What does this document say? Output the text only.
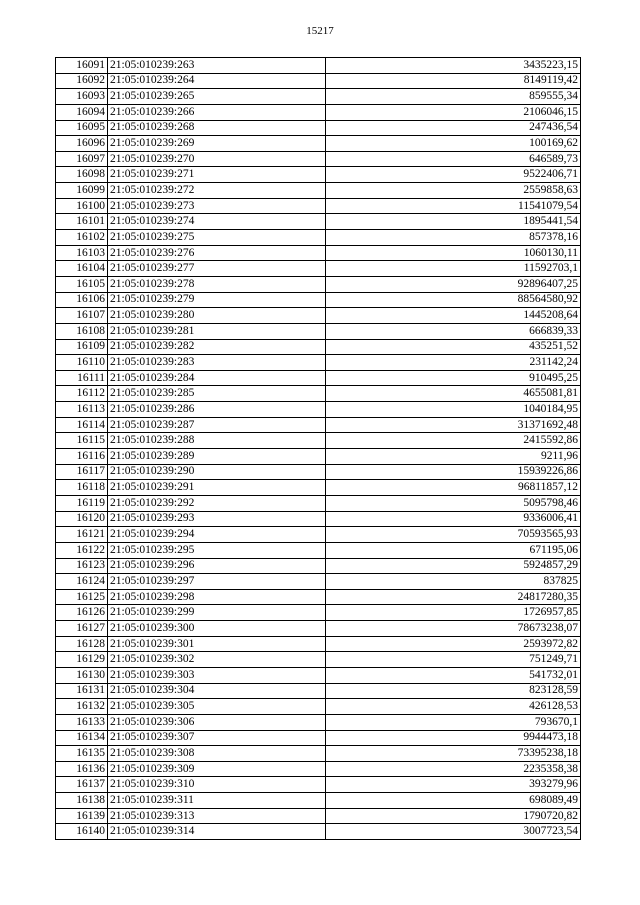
15217
16091	21:05:010239:263	3435223,15
16092	21:05:010239:264	8149119,42
16093	21:05:010239:265	859555,34
16094	21:05:010239:266	2106046,15
16095	21:05:010239:268	247436,54
16096	21:05:010239:269	100169,62
16097	21:05:010239:270	646589,73
16098	21:05:010239:271	9522406,71
16099	21:05:010239:272	2559858,63
16100	21:05:010239:273	11541079,54
16101	21:05:010239:274	1895441,54
16102	21:05:010239:275	857378,16
16103	21:05:010239:276	1060130,11
16104	21:05:010239:277	11592703,1
16105	21:05:010239:278	92896407,25
16106	21:05:010239:279	88564580,92
16107	21:05:010239:280	1445208,64
16108	21:05:010239:281	666839,33
16109	21:05:010239:282	435251,52
16110	21:05:010239:283	231142,24
16111	21:05:010239:284	910495,25
16112	21:05:010239:285	4655081,81
16113	21:05:010239:286	1040184,95
16114	21:05:010239:287	31371692,48
16115	21:05:010239:288	2415592,86
16116	21:05:010239:289	9211,96
16117	21:05:010239:290	15939226,86
16118	21:05:010239:291	96811857,12
16119	21:05:010239:292	5095798,46
16120	21:05:010239:293	9336006,41
16121	21:05:010239:294	70593565,93
16122	21:05:010239:295	671195,06
16123	21:05:010239:296	5924857,29
16124	21:05:010239:297	837825
16125	21:05:010239:298	24817280,35
16126	21:05:010239:299	1726957,85
16127	21:05:010239:300	78673238,07
16128	21:05:010239:301	2593972,82
16129	21:05:010239:302	751249,71
16130	21:05:010239:303	541732,01
16131	21:05:010239:304	823128,59
16132	21:05:010239:305	426128,53
16133	21:05:010239:306	793670,1
16134	21:05:010239:307	9944473,18
16135	21:05:010239:308	73395238,18
16136	21:05:010239:309	2235358,38
16137	21:05:010239:310	393279,96
16138	21:05:010239:311	698089,49
16139	21:05:010239:313	1790720,82
16140	21:05:010239:314	3007723,54
